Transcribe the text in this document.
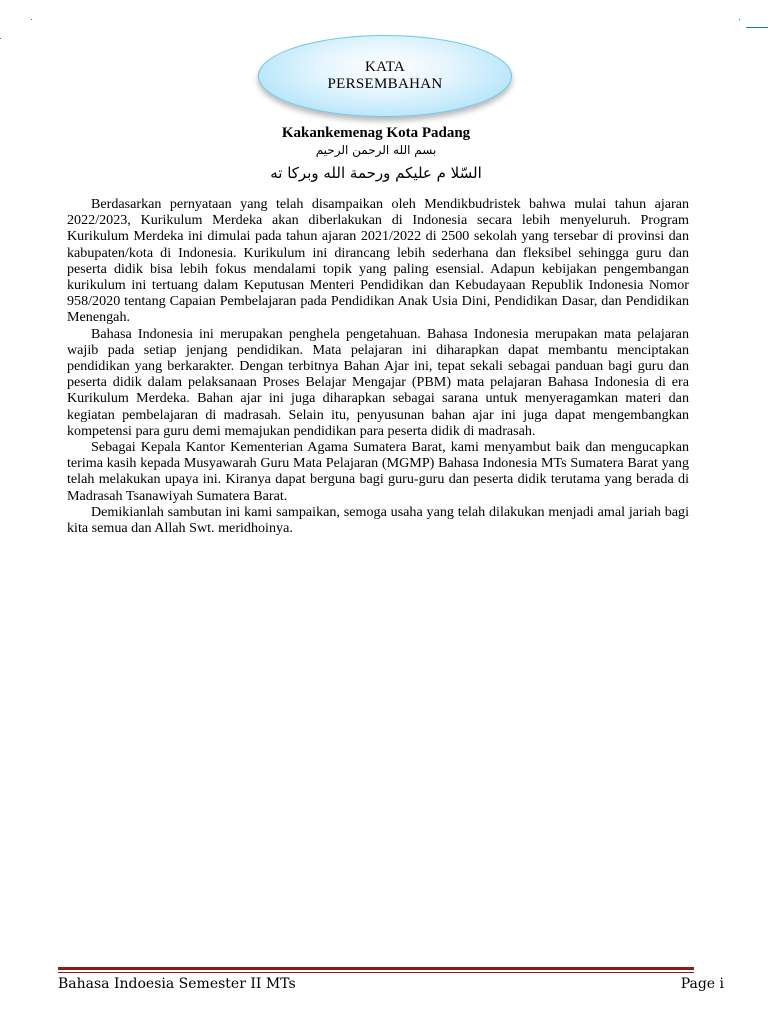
KATA
PERSEMBAHAN
Kakankemenag Kota Padang
بسم الله الرحمن الرحيم
السّلا م عليكم ورحمة الله وبركا ته

Berdasarkan pernyataan yang telah disampaikan oleh Mendikbudristek bahwa mulai tahun ajaran 2022/2023, Kurikulum Merdeka akan diberlakukan di Indonesia secara lebih menyeluruh. Program Kurikulum Merdeka ini dimulai pada tahun ajaran 2021/2022 di 2500 sekolah yang tersebar di provinsi dan kabupaten/kota di Indonesia. Kurikulum ini dirancang lebih sederhana dan fleksibel sehingga guru dan peserta didik bisa lebih fokus mendalami topik yang paling esensial. Adapun kebijakan pengembangan kurikulum ini tertuang dalam Keputusan Menteri Pendidikan dan Kebudayaan Republik Indonesia Nomor 958/2020 tentang Capaian Pembelajaran pada Pendidikan Anak Usia Dini, Pendidikan Dasar, dan Pendidikan Menengah.

Bahasa Indonesia ini merupakan penghela pengetahuan. Bahasa Indonesia merupakan mata pelajaran wajib pada setiap jenjang pendidikan. Mata pelajaran ini diharapkan dapat membantu menciptakan pendidikan yang berkarakter. Dengan terbitnya Bahan Ajar ini, tepat sekali sebagai panduan bagi guru dan peserta didik dalam pelaksanaan Proses Belajar Mengajar (PBM) mata pelajaran Bahasa Indonesia di era Kurikulum Merdeka. Bahan ajar ini juga diharapkan sebagai sarana untuk menyeragamkan materi dan kegiatan pembelajaran di madrasah. Selain itu, penyusunan bahan ajar ini juga dapat mengembangkan kompetensi para guru demi memajukan pendidikan para peserta didik di madrasah.

Sebagai Kepala Kantor Kementerian Agama Sumatera Barat, kami menyambut baik dan mengucapkan terima kasih kepada Musyawarah Guru Mata Pelajaran (MGMP) Bahasa Indonesia MTs Sumatera Barat yang telah melakukan upaya ini. Kiranya dapat berguna bagi guru-guru dan peserta didik terutama yang berada di Madrasah Tsanawiyah Sumatera Barat.

Demikianlah sambutan ini kami sampaikan, semoga usaha yang telah dilakukan menjadi amal jariah bagi kita semua dan Allah Swt. meridhoinya.

Bahasa Indoesia Semester II MTs	Page i
